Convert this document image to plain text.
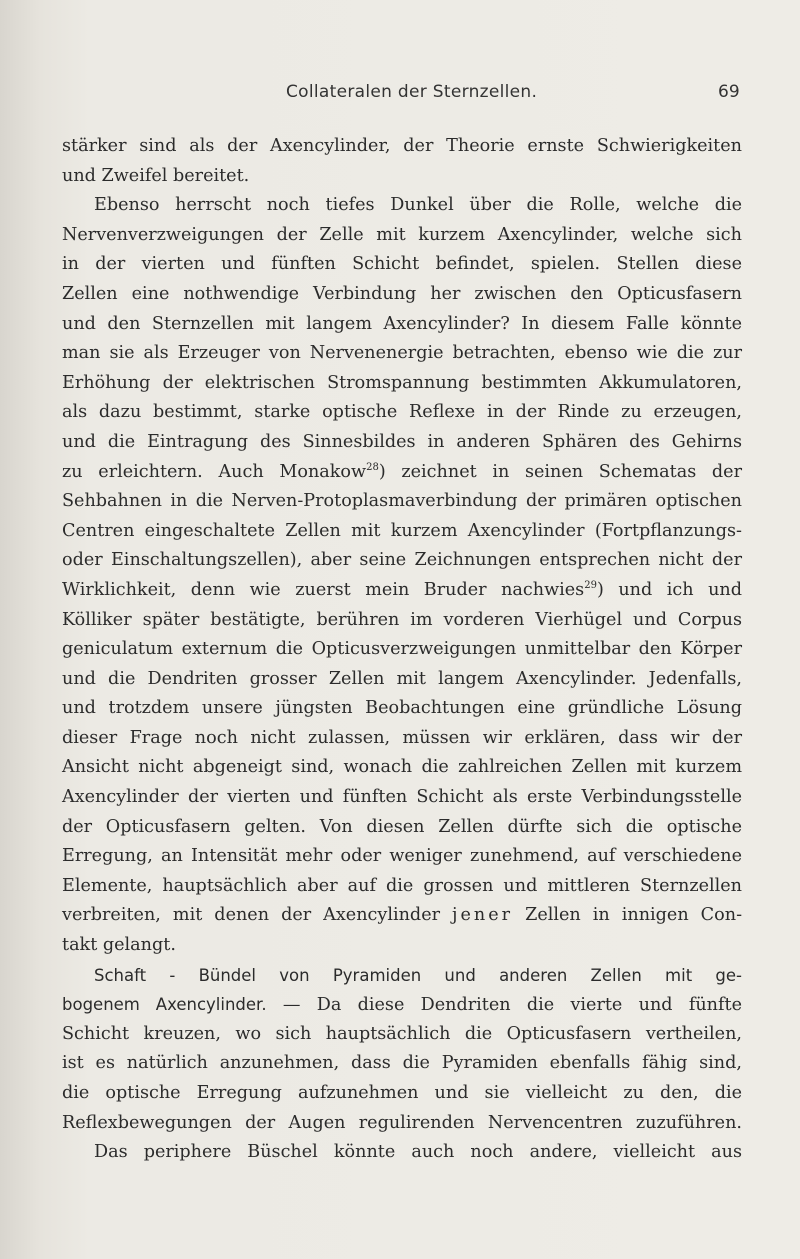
Collateralen der Sternzellen.	69
stärker sind als der Axencylinder, der Theorie ernste Schwierigkeiten
und Zweifel bereitet.
Ebenso herrscht noch tiefes Dunkel über die Rolle, welche die
Nervenverzweigungen der Zelle mit kurzem Axencylinder, welche sich
in der vierten und fünften Schicht befindet, spielen. Stellen diese
Zellen eine nothwendige Verbindung her zwischen den Opticusfasern
und den Sternzellen mit langem Axencylinder? In diesem Falle könnte
man sie als Erzeuger von Nervenenergie betrachten, ebenso wie die zur
Erhöhung der elektrischen Stromspannung bestimmten Akkumulatoren,
als dazu bestimmt, starke optische Reflexe in der Rinde zu erzeugen,
und die Eintragung des Sinnesbildes in anderen Sphären des Gehirns
zu erleichtern. Auch Monakow$^{28}$) zeichnet in seinen Schematas der
Sehbahnen in die Nerven-Protoplasmaverbindung der primären optischen
Centren eingeschaltete Zellen mit kurzem Axencylinder (Fortpflanzungs-
oder Einschaltungszellen), aber seine Zeichnungen entsprechen nicht der
Wirklichkeit, denn wie zuerst mein Bruder nachwies$^{29}$) und ich und
Kölliker später bestätigte, berühren im vorderen Vierhügel und Corpus
geniculatum externum die Opticusverzweigungen unmittelbar den Körper
und die Dendriten grosser Zellen mit langem Axencylinder. Jedenfalls,
und trotzdem unsere jüngsten Beobachtungen eine gründliche Lösung
dieser Frage noch nicht zulassen, müssen wir erklären, dass wir der
Ansicht nicht abgeneigt sind, wonach die zahlreichen Zellen mit kurzem
Axencylinder der vierten und fünften Schicht als erste Verbindungsstelle
der Opticusfasern gelten. Von diesen Zellen dürfte sich die optische
Erregung, an Intensität mehr oder weniger zunehmend, auf verschiedene
Elemente, hauptsächlich aber auf die grossen und mittleren Sternzellen
verbreiten, mit denen der Axencylinder jener Zellen in innigen Con-
takt gelangt.
Schaft - Bündel von Pyramiden und anderen Zellen mit ge-
bogenem Axencylinder. — Da diese Dendriten die vierte und fünfte
Schicht kreuzen, wo sich hauptsächlich die Opticusfasern vertheilen,
ist es natürlich anzunehmen, dass die Pyramiden ebenfalls fähig sind,
die optische Erregung aufzunehmen und sie vielleicht zu den, die
Reflexbewegungen der Augen regulirenden Nervencentren zuzuführen.
Das periphere Büschel könnte auch noch andere, vielleicht aus
